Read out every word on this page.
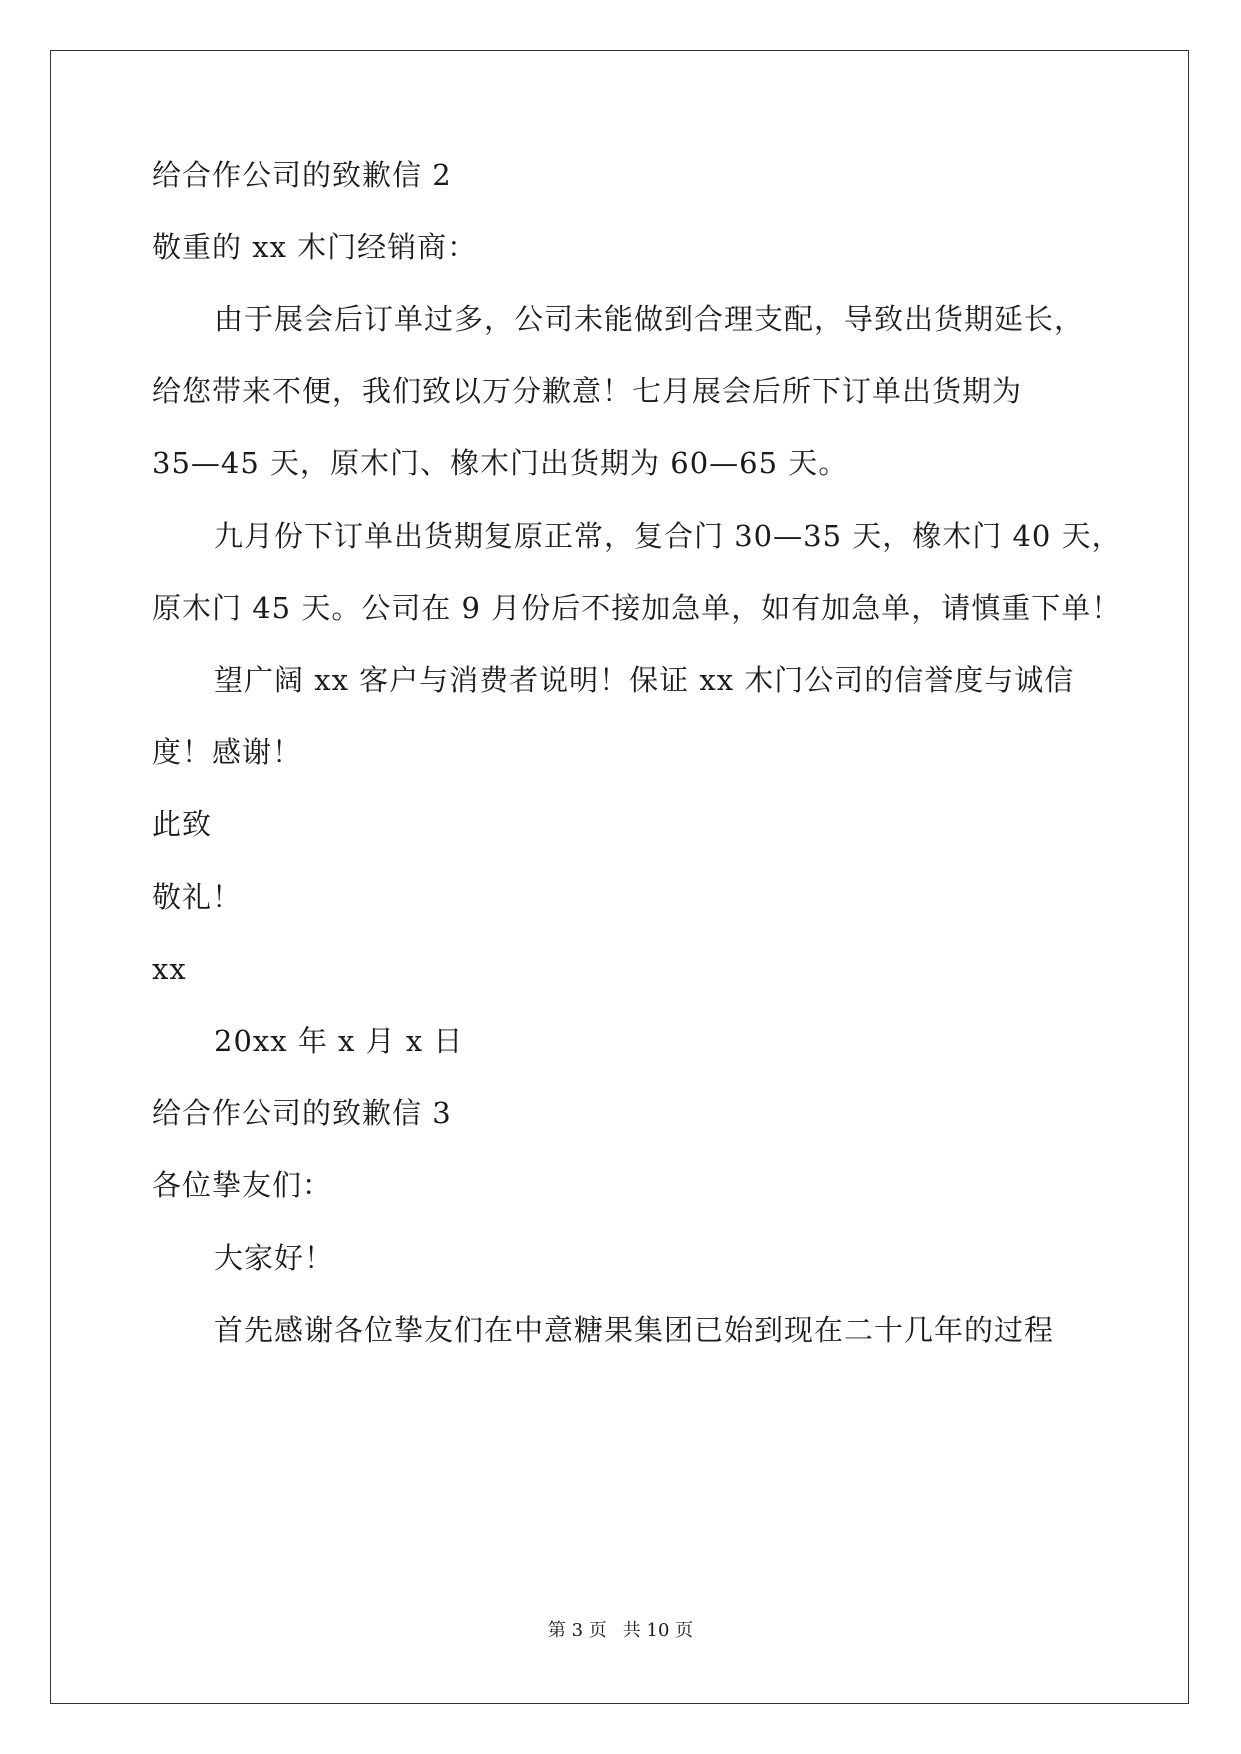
给合作公司的致歉信 2
敬重的 xx 木门经销商：
由于展会后订单过多，公司未能做到合理支配，导致出货期延长，
给您带来不便，我们致以万分歉意！七月展会后所下订单出货期为
35—45 天，原木门、橡木门出货期为 60—65 天。
九月份下订单出货期复原正常，复合门 30—35 天，橡木门 40 天，
原木门 45 天。公司在 9 月份后不接加急单，如有加急单，请慎重下单！
望广阔 xx 客户与消费者说明！保证 xx 木门公司的信誉度与诚信
度！感谢！
此致
敬礼！
xx
20xx 年 x 月 x 日
给合作公司的致歉信 3
各位挚友们：
大家好！
首先感谢各位挚友们在中意糖果集团已始到现在二十几年的过程
第 3 页 共 10 页
